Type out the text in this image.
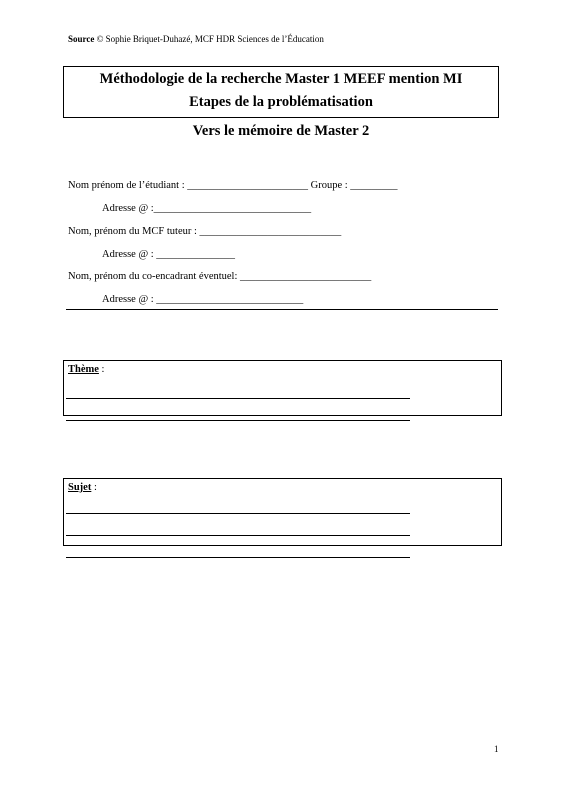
Source © Sophie Briquet-Duhazé, MCF HDR Sciences de l’Éducation
Méthodologie de la recherche Master 1 MEEF mention MI
Etapes de la problématisation
Vers le mémoire de Master 2
Nom prénom de l’étudiant : _______________________ Groupe : _________
Adresse @ :______________________________
Nom, prénom du MCF tuteur : ___________________________
Adresse @ : _______________
Nom, prénom du co-encadrant éventuel: _________________________
Adresse @ : ____________________________
Thème :
Sujet :
1
